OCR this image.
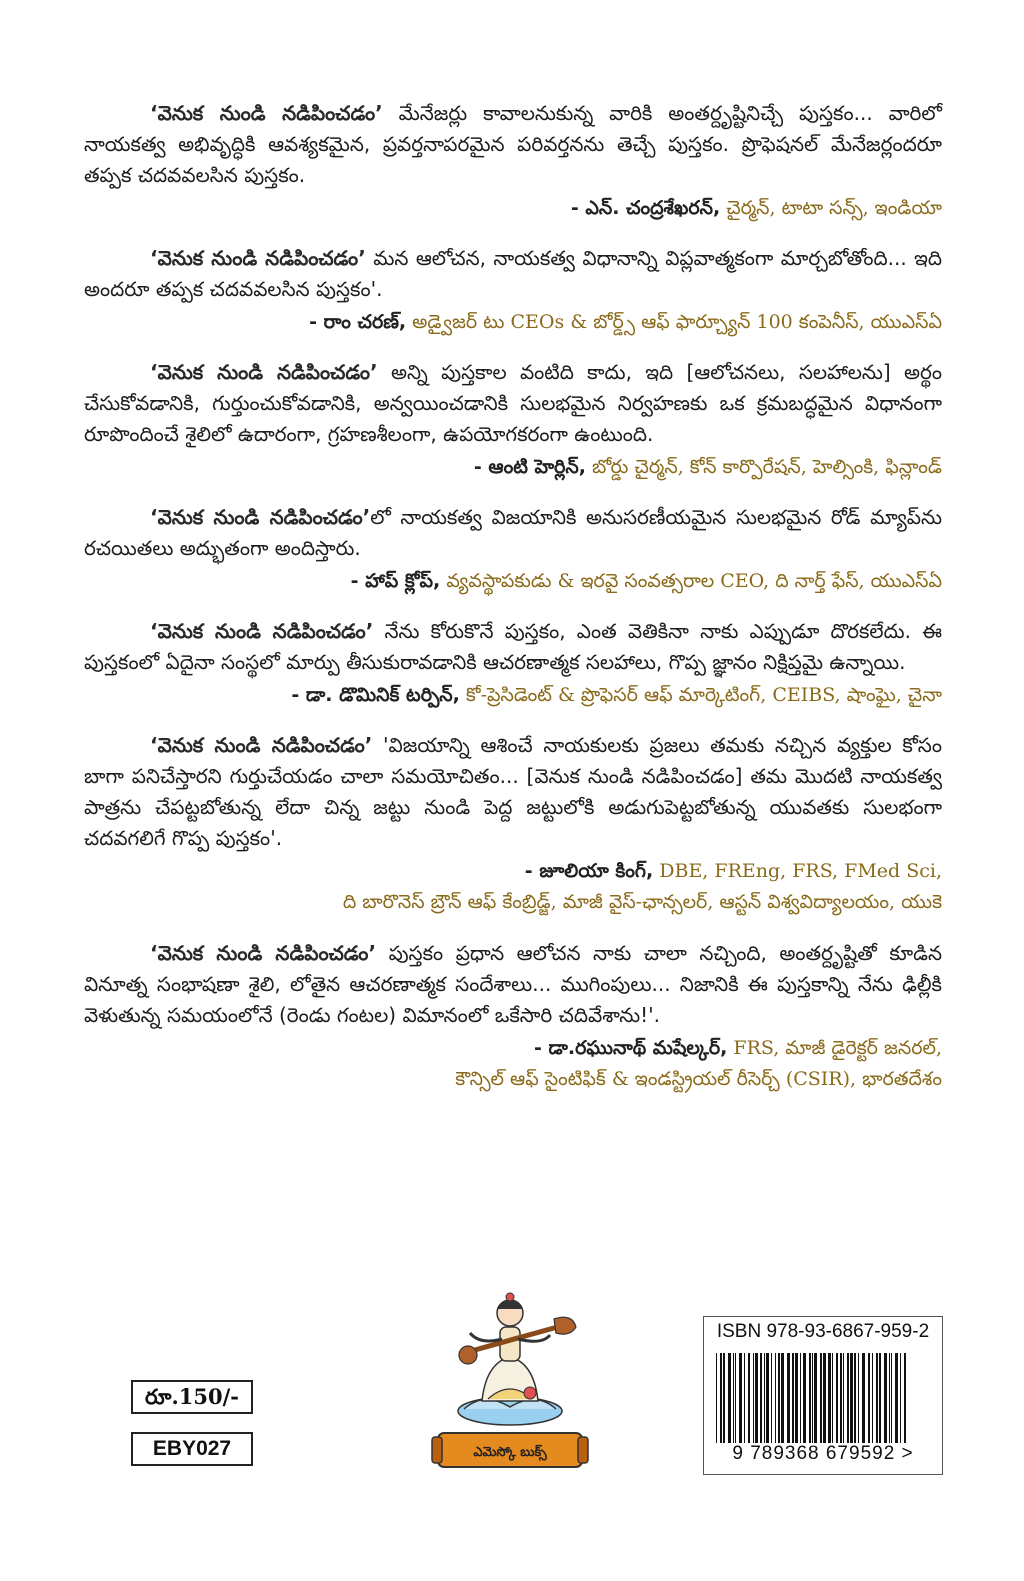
‘వెనుక నుండి నడిపించడం’ మేనేజర్లు కావాలనుకున్న వారికి అంతర్దృష్టినిచ్చే పుస్తకం... వారిలో నాయకత్వ అభివృద్ధికి ఆవశ్యకమైన, ప్రవర్తనాపరమైన పరివర్తనను తెచ్చే పుస్తకం. ప్రొఫెషనల్ మేనేజర్లందరూ తప్పక చదవవలసిన పుస్తకం.

- ఎన్. చంద్రశేఖరన్, చైర్మన్, టాటా సన్స్, ఇండియా

‘వెనుక నుండి నడిపించడం’ మన ఆలోచన, నాయకత్వ విధానాన్ని విప్లవాత్మకంగా మార్చబోతోంది... ఇది అందరూ తప్పక చదవవలసిన పుస్తకం'.

- రాం చరణ్, అడ్వైజర్ టు CEOs & బోర్డ్స్ ఆఫ్ ఫార్చ్యూన్ 100 కంపెనీస్, యుఎస్‌ఏ

‘వెనుక నుండి నడిపించడం’ అన్ని పుస్తకాల వంటిది కాదు, ఇది [ఆలోచనలు, సలహాలను] అర్థం చేసుకోవడానికి, గుర్తుంచుకోవడానికి, అన్వయించడానికి సులభమైన నిర్వహణకు ఒక క్రమబద్ధమైన విధానంగా రూపొందించే శైలిలో ఉదారంగా, గ్రహణశీలంగా, ఉపయోగకరంగా ఉంటుంది.

- ఆంటి హెర్లిన్, బోర్డు చైర్మన్, కోన్ కార్పొరేషన్, హెల్సింకి, ఫిన్లాండ్

‘వెనుక నుండి నడిపించడం’లో నాయకత్వ విజయానికి అనుసరణీయమైన సులభమైన రోడ్ మ్యాప్‌ను రచయితలు అద్భుతంగా అందిస్తారు.

- హాప్ క్లోప్, వ్యవస్థాపకుడు & ఇరవై సంవత్సరాల CEO, ది నార్త్ ఫేస్, యుఎస్‌ఏ

‘వెనుక నుండి నడిపించడం’ నేను కోరుకొనే పుస్తకం, ఎంత వెతికినా నాకు ఎప్పుడూ దొరకలేదు. ఈ పుస్తకంలో ఏదైనా సంస్థలో మార్పు తీసుకురావడానికి ఆచరణాత్మక సలహాలు, గొప్ప జ్ఞానం నిక్షిప్తమై ఉన్నాయి.

- డా. డొమినిక్ టర్పిన్, కో-ప్రెసిడెంట్ & ప్రొఫెసర్ ఆఫ్ మార్కెటింగ్, CEIBS, షాంఘై, చైనా

‘వెనుక నుండి నడిపించడం’ 'విజయాన్ని ఆశించే నాయకులకు ప్రజలు తమకు నచ్చిన వ్యక్తుల కోసం బాగా పనిచేస్తారని గుర్తుచేయడం చాలా సమయోచితం... [వెనుక నుండి నడిపించడం] తమ మొదటి నాయకత్వ పాత్రను చేపట్టబోతున్న లేదా చిన్న జట్టు నుండి పెద్ద జట్టులోకి అడుగుపెట్టబోతున్న యువతకు సులభంగా చదవగలిగే గొప్ప పుస్తకం'.

- జూలియా కింగ్, DBE, FREng, FRS, FMed Sci,
ది బారొనెస్ బ్రౌన్ ఆఫ్ కేంబ్రిడ్జ్, మాజీ వైస్-ఛాన్సలర్, ఆస్టన్ విశ్వవిద్యాలయం, యుకె

‘వెనుక నుండి నడిపించడం’ పుస్తకం ప్రధాన ఆలోచన నాకు చాలా నచ్చింది, అంతర్దృష్టితో కూడిన వినూత్న సంభాషణా శైలి, లోతైన ఆచరణాత్మక సందేశాలు... ముగింపులు... నిజానికి ఈ పుస్తకాన్ని నేను ఢిల్లీకి వెళుతున్న సమయంలోనే (రెండు గంటల) విమానంలో ఒకేసారి చదివేశాను!'.

- డా.రఘునాథ్ మషేల్కర్, FRS, మాజీ డైరెక్టర్ జనరల్,
కౌన్సిల్ ఆఫ్ సైంటిఫిక్ & ఇండస్ట్రియల్ రీసెర్చ్ (CSIR), భారతదేశం
రూ.150/-
EBY027	ఎమెస్కో బుక్స్
ISBN 978-93-6867-959-2
9 789368 679592 >
